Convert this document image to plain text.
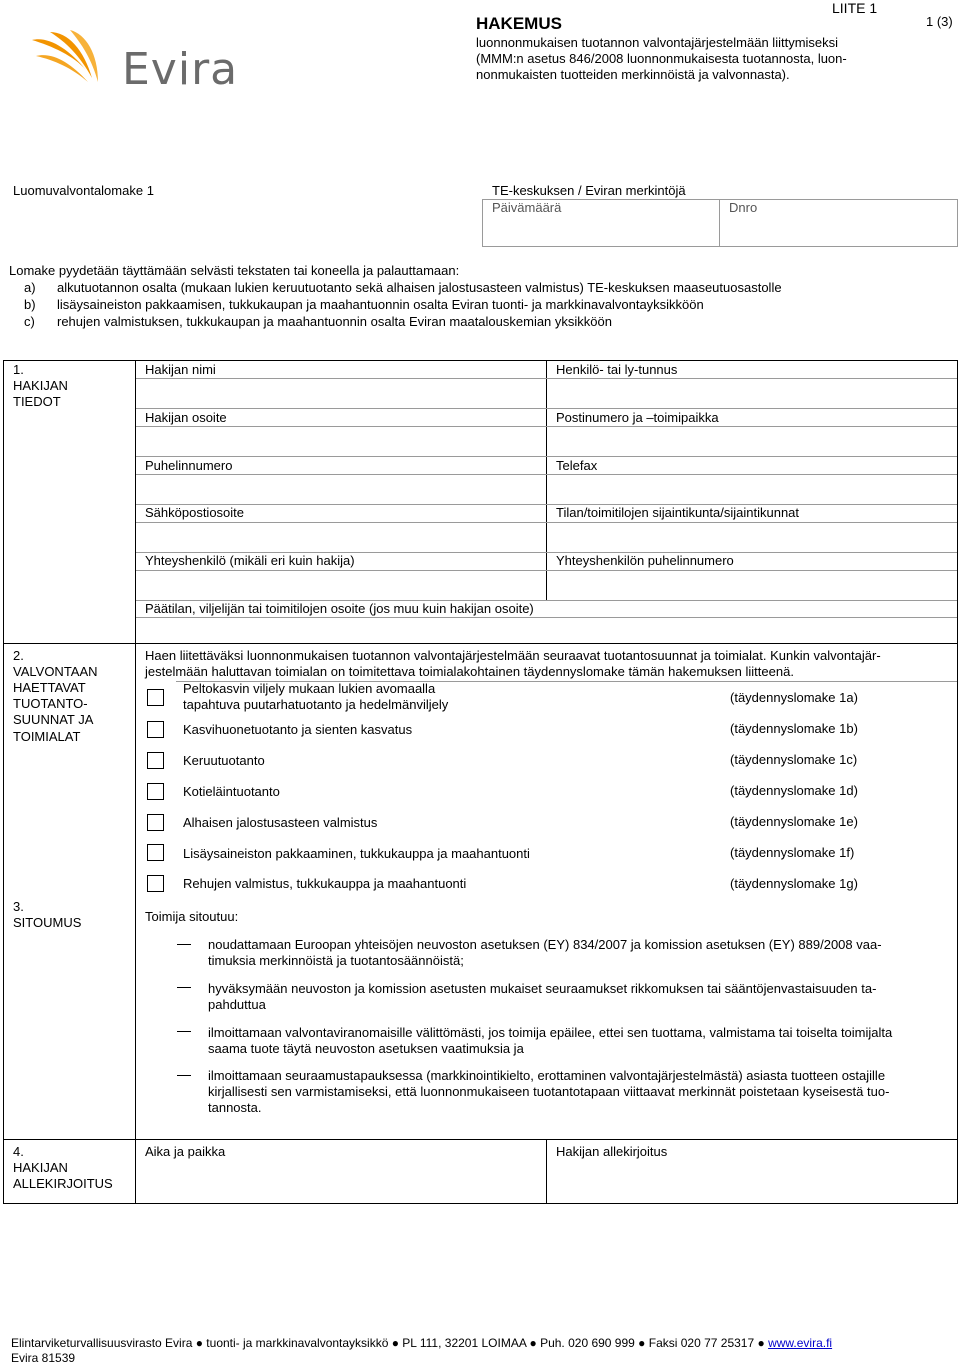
Evira
HAKEMUS
LIITE 1
1 (3)
luonnonmukaisen tuotannon valvontajärjestelmään liittymiseksi
(MMM:n asetus 846/2008 luonnonmukaisesta tuotannosta, luon-
nonmukaisten tuotteiden merkinnöistä ja valvonnasta).
Luomuvalvontalomake 1	TE-keskuksen / Eviran merkintöjä
Päivämäärä	Dnro
Lomake pyydetään täyttämään selvästi tekstaten tai koneella ja palauttamaan:
a) alkutuotannon osalta (mukaan lukien keruutuotanto sekä alhaisen jalostusasteen valmistus) TE-keskuksen maaseutuosastolle
b) lisäysaineiston pakkaamisen, tukkukaupan ja maahantuonnin osalta Eviran tuonti- ja markkinavalvontayksikköön
c) rehujen valmistuksen, tukkukaupan ja maahantuonnin osalta Eviran maatalouskemian yksikköön
1.
HAKIJAN
TIEDOT
Hakijan nimi	Henkilö- tai ly-tunnus
Hakijan osoite	Postinumero ja –toimipaikka
Puhelinnumero	Telefax
Sähköpostiosoite	Tilan/toimitilojen sijaintikunta/sijaintikunnat
Yhteyshenkilö (mikäli eri kuin hakija)	Yhteyshenkilön puhelinnumero
Päätilan, viljelijän tai toimitilojen osoite (jos muu kuin hakijan osoite)
2.
VALVONTAAN
HAETTAVAT
TUOTANTO-
SUUNNAT JA
TOIMIALAT
Haen liitettäväksi luonnonmukaisen tuotannon valvontajärjestelmään seuraavat tuotantosuunnat ja toimialat. Kunkin valvontajär-
jestelmään haluttavan toimialan on toimitettava toimialakohtainen täydennyslomake tämän hakemuksen liitteenä.
Peltokasvin viljely mukaan lukien avomaalla
tapahtuva puutarhatuotanto ja hedelmänviljely	(täydennyslomake 1a)
Kasvihuonetuotanto ja sienten kasvatus	(täydennyslomake 1b)
Keruutuotanto	(täydennyslomake 1c)
Kotieläintuotanto	(täydennyslomake 1d)
Alhaisen jalostusasteen valmistus	(täydennyslomake 1e)
Lisäysaineiston pakkaaminen, tukkukauppa ja maahantuonti	(täydennyslomake 1f)
Rehujen valmistus, tukkukauppa ja maahantuonti	(täydennyslomake 1g)
3.
SITOUMUS	Toimija sitoutuu:
noudattamaan Euroopan yhteisöjen neuvoston asetuksen (EY) 834/2007 ja komission asetuksen (EY) 889/2008 vaa-
timuksia merkinnöistä ja tuotantosäännöistä;
hyväksymään neuvoston ja komission asetusten mukaiset seuraamukset rikkomuksen tai sääntöjenvastaisuuden ta-
pahduttua
ilmoittamaan valvontaviranomaisille välittömästi, jos toimija epäilee, ettei sen tuottama, valmistama tai toiselta toimijalta
saama tuote täytä neuvoston asetuksen vaatimuksia ja
ilmoittamaan seuraamustapauksessa (markkinointikielto, erottaminen valvontajärjestelmästä) asiasta tuotteen ostajille
kirjallisesti sen varmistamiseksi, että luonnonmukaiseen tuotantotapaan viittaavat merkinnät poistetaan kyseisestä tuo-
tannosta.
4.
HAKIJAN
ALLEKIRJOITUS
Aika ja paikka	Hakijan allekirjoitus
Elintarviketurvallisuusvirasto Evira ● tuonti- ja markkinavalvontayksikkö ● PL 111, 32201 LOIMAA ● Puh. 020 690 999 ● Faksi 020 77 25317 ● www.evira.fi
Evira 81539
